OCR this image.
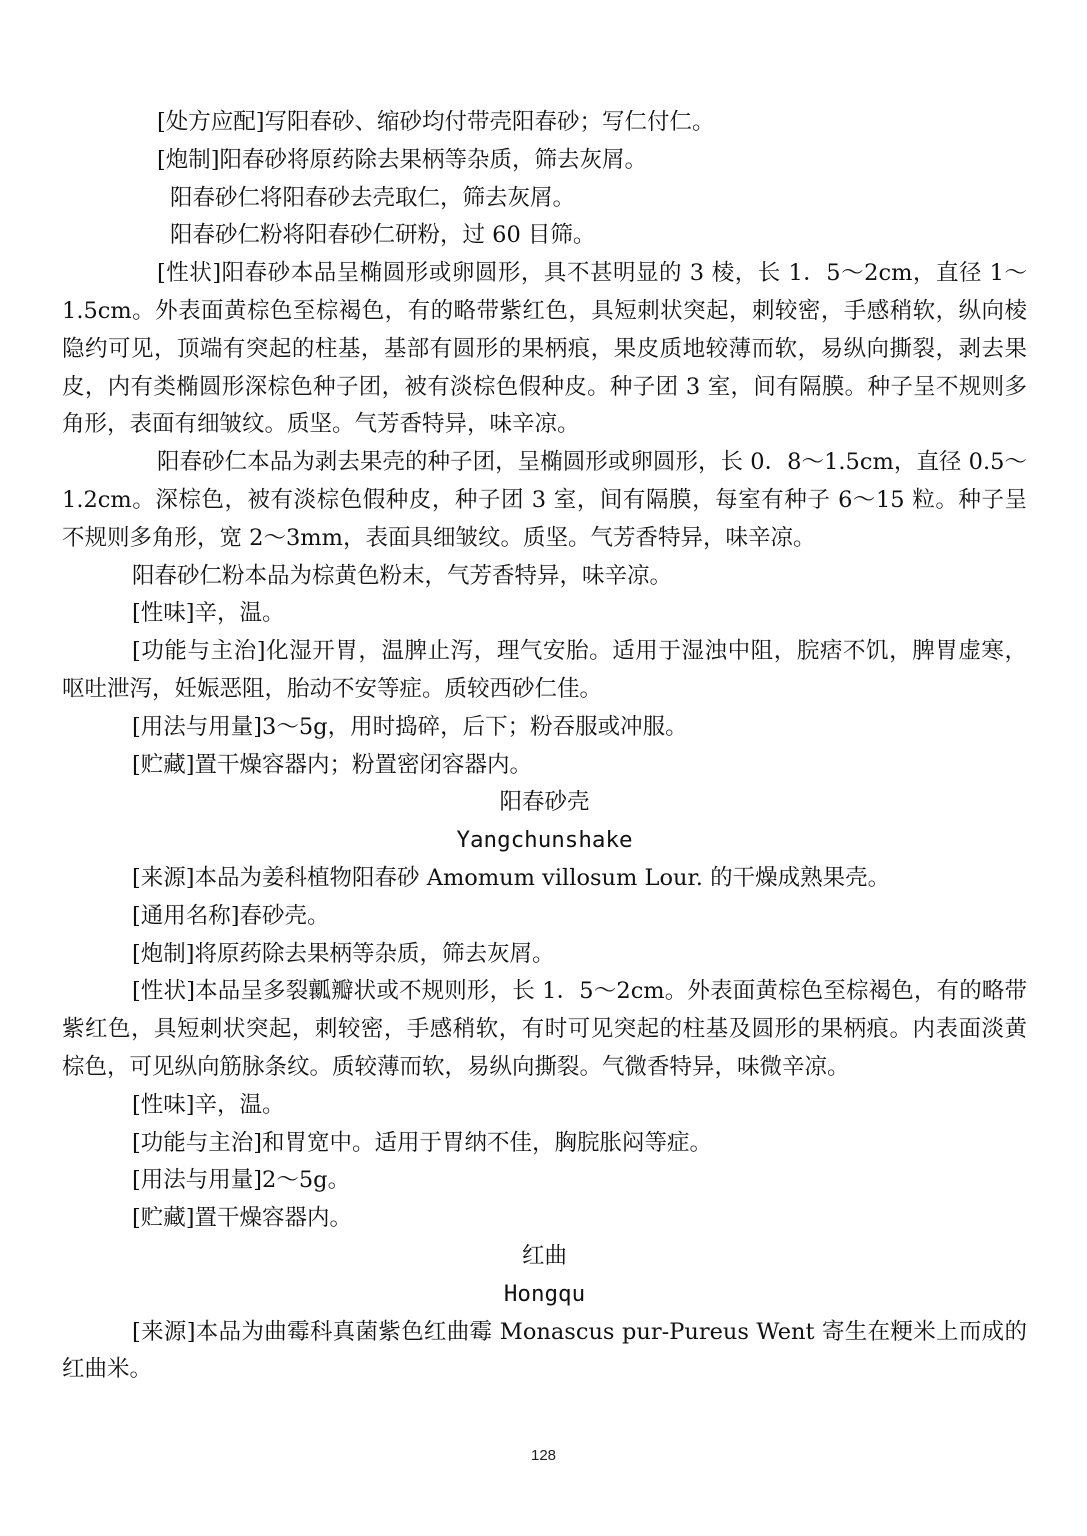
[处方应配]写阳春砂、缩砂均付带壳阳春砂；写仁付仁。

[炮制]阳春砂将原药除去果柄等杂质，筛去灰屑。

阳春砂仁将阳春砂去壳取仁，筛去灰屑。

阳春砂仁粉将阳春砂仁研粉，过 60 目筛。

[性状]阳春砂本品呈椭圆形或卵圆形，具不甚明显的 3 棱，长 1．5～2cm，直径 1～1.5cm。外表面黄棕色至棕褐色，有的略带紫红色，具短刺状突起，刺较密，手感稍软，纵向棱隐约可见，顶端有突起的柱基，基部有圆形的果柄痕，果皮质地较薄而软，易纵向撕裂，剥去果皮，内有类椭圆形深棕色种子团，被有淡棕色假种皮。种子团 3 室，间有隔膜。种子呈不规则多角形，表面有细皱纹。质坚。气芳香特异，味辛凉。

阳春砂仁本品为剥去果壳的种子团，呈椭圆形或卵圆形，长 0．8～1.5cm，直径 0.5～1.2cm。深棕色，被有淡棕色假种皮，种子团 3 室，间有隔膜，每室有种子 6～15 粒。种子呈不规则多角形，宽 2～3mm，表面具细皱纹。质坚。气芳香特异，味辛凉。

阳春砂仁粉本品为棕黄色粉末，气芳香特异，味辛凉。

[性味]辛，温。

[功能与主治]化湿开胃，温脾止泻，理气安胎。适用于湿浊中阻，脘痞不饥，脾胃虚寒，呕吐泄泻，妊娠恶阻，胎动不安等症。质较西砂仁佳。

[用法与用量]3～5g，用时捣碎，后下；粉吞服或冲服。

[贮藏]置干燥容器内；粉置密闭容器内。

阳春砂壳

Yangchunshake

[来源]本品为姜科植物阳春砂 Amomum villosum Lour. 的干燥成熟果壳。

[通用名称]春砂壳。

[炮制]将原药除去果柄等杂质，筛去灰屑。

[性状]本品呈多裂瓤瓣状或不规则形，长 1．5～2cm。外表面黄棕色至棕褐色，有的略带紫红色，具短刺状突起，刺较密，手感稍软，有时可见突起的柱基及圆形的果柄痕。内表面淡黄棕色，可见纵向筋脉条纹。质较薄而软，易纵向撕裂。气微香特异，味微辛凉。

[性味]辛，温。

[功能与主治]和胃宽中。适用于胃纳不佳，胸脘胀闷等症。

[用法与用量]2～5g。

[贮藏]置干燥容器内。

红曲

Hongqu

[来源]本品为曲霉科真菌紫色红曲霉 Monascus pur-Pureus Went 寄生在粳米上而成的红曲米。

128
